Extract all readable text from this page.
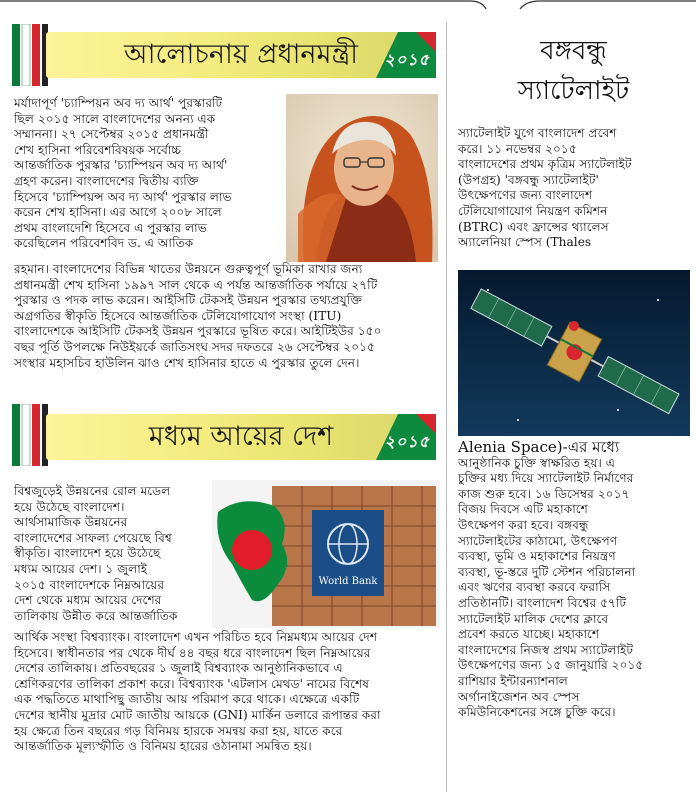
আলোচনায় প্রধানমন্ত্রী	২০১৫
মর্যাদাপূর্ণ 'চ্যাম্পিয়ন অব দ্য আর্থ' পুরস্কারটি
ছিল ২০১৫ সালে বাংলাদেশের অনন্য এক
সম্মাননা। ২৭ সেপ্টেম্বর ২০১৫ প্রধানমন্ত্রী
শেখ হাসিনা পরিবেশবিষয়ক সর্বোচ্চ
আন্তর্জাতিক পুরস্কার 'চ্যাম্পিয়ন অব দ্য আর্থ'
গ্রহণ করেন। বাংলাদেশের দ্বিতীয় ব্যক্তি
হিসেবে 'চ্যাম্পিয়ন্স অব দ্য আর্থ' পুরস্কার লাভ
করেন শেখ হাসিনা। এর আগে ২০০৮ সালে
প্রথম বাংলাদেশি হিসেবে এ পুরস্কার লাভ
করেছিলেন পরিবেশবিদ ড. এ আতিক
রহমান। বাংলাদেশের বিভিন্ন খাতের উন্নয়নে গুরুত্বপূর্ণ ভূমিকা রাখার জন্য
প্রধানমন্ত্রী শেখ হাসিনা ১৯৯৭ সাল থেকে এ পর্যন্ত আন্তর্জাতিক পর্যায়ে ২৭টি
পুরস্কার ও পদক লাভ করেন। আইসিটি টেকসই উন্নয়ন পুরস্কার তথ্যপ্রযুক্তি
অগ্রগতির স্বীকৃতি হিসেবে আন্তর্জাতিক টেলিযোগাযোগ সংস্থা (ITU)
বাংলাদেশকে আইসিটি টেকসই উন্নয়ন পুরস্কারে ভূষিত করে। আইটিইউর ১৫০
বছর পূর্তি উপলক্ষে নিউইয়র্কে জাতিসংঘ সদর দফতরে ২৬ সেপ্টেম্বর ২০১৫
সংস্থার মহাসচিব হাউলিন ঝাও শেখ হাসিনার হাতে এ পুরস্কার তুলে দেন।
মধ্যম আয়ের দেশ	২০১৫
বিশ্বজুড়েই উন্নয়নের রোল মডেল
হয়ে উঠেছে বাংলাদেশ।
আর্থসামাজিক উন্নয়নের
বাংলাদেশের সাফল্য পেয়েছে বিশ্ব
স্বীকৃতি। বাংলাদেশ হয়ে উঠেছে
মধ্যম আয়ের দেশ। ১ জুলাই
২০১৫ বাংলাদেশকে নিম্নআয়ের
দেশ থেকে মধ্যম আয়ের দেশের
তালিকায় উন্নীত করে আন্তর্জাতিক
World Bank
আর্থিক সংস্থা বিশ্বব্যাংক। বাংলাদেশ এখন পরিচিত হবে নিম্নমধ্যম আয়ের দেশ
হিসেবে। স্বাধীনতার পর থেকে দীর্ঘ ৪৪ বছর ধরে বাংলাদেশ ছিল নিম্নআয়ের
দেশের তালিকায়। প্রতিবছরের ১ জুলাই বিশ্বব্যাংক আনুষ্ঠানিকভাবে এ
শ্রেণিকরণের তালিকা প্রকাশ করে। বিশ্বব্যাংক 'এটলাস মেথড' নামের বিশেষ
এক পদ্ধতিতে মাথাপিছু জাতীয় আয় পরিমাপ করে থাকে। এক্ষেত্রে একটি
দেশের স্থানীয় মুদ্রার মোট জাতীয় আয়কে (GNI) মার্কিন ডলারে রূপান্তর করা
হয় ক্ষেত্রে তিন বছরের গড় বিনিময় হারকে সমন্বয় করা হয়, যাতে করে
আন্তর্জাতিক মূল্যস্ফীতি ও বিনিময় হারের ওঠানামা সমন্বিত হয়।
বঙ্গবন্ধু
স্যাটেলাইট
স্যাটেলাইট যুগে বাংলাদেশ প্রবেশ
করে। ১১ নভেম্বর ২০১৫
বাংলাদেশের প্রথম কৃত্রিম স্যাটেলাইট
(উপগ্রহ) 'বঙ্গবন্ধু স্যাটেলাইট'
উৎক্ষেপণের জন্য বাংলাদেশ
টেলিযোগাযোগ নিয়ন্ত্রণ কমিশন
(BTRC) এবং ফ্রান্সের থ্যালেস
অ্যালেনিয়া স্পেস (Thales
Alenia Space)-এর মধ্যে
আনুষ্ঠানিক চুক্তি স্বাক্ষরিত হয়। এ
চুক্তির মধ্য দিয়ে স্যাটেলাইট নির্মাণের
কাজ শুরু হবে। ১৬ ডিসেম্বর ২০১৭
বিজয় দিবসে এটি মহাকাশে
উৎক্ষেপণ করা হবে। বঙ্গবন্ধু
স্যাটেলাইটের কাঠামো, উৎক্ষেপণ
ব্যবস্থা, ভূমি ও মহাকাশের নিয়ন্ত্রণ
ব্যবস্থা, ভূ-স্তরে দুটি স্টেশন পরিচালনা
এবং ঋণের ব্যবস্থা করবে ফরাসি
প্রতিষ্ঠানটি। বাংলাদেশ বিশ্বের ৫৭টি
স্যাটেলাইট মালিক দেশের ক্লাবে
প্রবেশ করতে যাচ্ছে। মহাকাশে
বাংলাদেশের নিজস্ব প্রথম স্যাটেলাইট
উৎক্ষেপণের জন্য ১৫ জানুয়ারি ২০১৫
রাশিয়ার ইন্টারন্যাশনাল
অর্গানাইজেশন অব স্পেস
কমিউনিকেশনের সঙ্গে চুক্তি করে।
